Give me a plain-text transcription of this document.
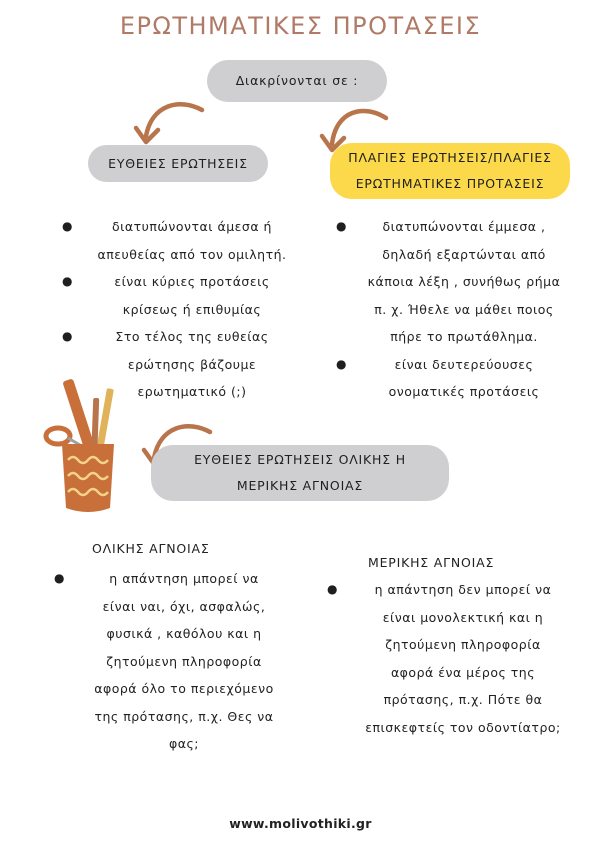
ΕΡΩΤΗΜΑΤΙΚΕΣ ΠΡΟΤΑΣΕΙΣ
Διακρίνονται σε :
ΕΥΘΕΙΕΣ ΕΡΩΤΗΣΕΙΣ	ΠΛΑΓΙΕΣ ΕΡΩΤΗΣΕΙΣ/ΠΛΑΓΙΕΣ
ΕΡΩΤΗΜΑΤΙΚΕΣ ΠΡΟΤΑΣΕΙΣ
●	διατυπώνονται άμεσα ή
απευθείας από τον ομιλητή.
●	είναι κύριες προτάσεις
κρίσεως ή επιθυμίας
●	Στο τέλος της ευθείας
ερώτησης βάζουμε
ερωτηματικό (;)
●	διατυπώνονται έμμεσα ,
δηλαδή εξαρτώνται από
κάποια λέξη , συνήθως ρήμα
π. χ. Ήθελε να μάθει ποιος
πήρε το πρωτάθλημα.
●	είναι δευτερεύουσες
ονοματικές προτάσεις
ΕΥΘΕΙΕΣ ΕΡΩΤΗΣΕΙΣ ΟΛΙΚΗΣ Η
ΜΕΡΙΚΗΣ ΑΓΝΟΙΑΣ
ΟΛΙΚΗΣ ΑΓΝΟΙΑΣ
●	η απάντηση μπορεί να
είναι ναι, όχι, ασφαλώς,
φυσικά , καθόλου και η
ζητούμενη πληροφορία
αφορά όλο το περιεχόμενο
της πρότασης, π.χ. Θες να
φας;
ΜΕΡΙΚΗΣ ΑΓΝΟΙΑΣ
●	η απάντηση δεν μπορεί να
είναι μονολεκτική και η
ζητούμενη πληροφορία
αφορά ένα μέρος της
πρότασης, π.χ. Πότε θα
επισκεφτείς τον οδοντίατρο;
www.molivothiki.gr
